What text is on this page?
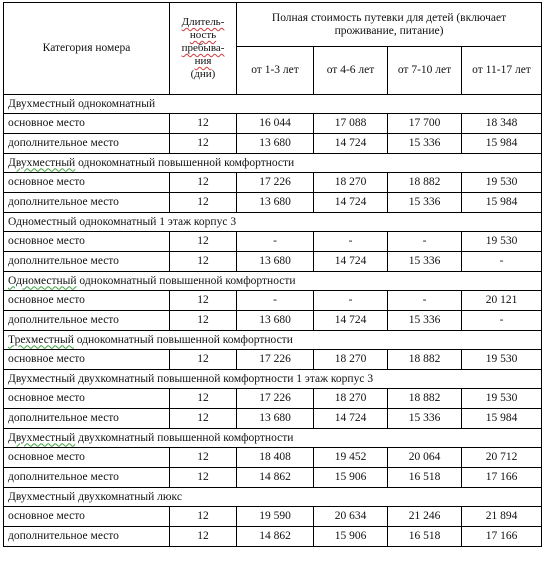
Категория номера	Длитель-
ность
пребыва-
ния
(дни)	Полная стоимость путевки для детей (включает проживание, питание)			
		от 1-3 лет	от 4-6 лет	от 7-10 лет	от 11-17 лет
Двухместный однокомнатный					
основное место	12	16 044	17 088	17 700	18 348
дополнительное место	12	13 680	14 724	15 336	15 984
Двухместный однокомнатный повышенной комфортности					
основное место	12	17 226	18 270	18 882	19 530
дополнительное место	12	13 680	14 724	15 336	15 984
Одноместный однокомнатный 1 этаж корпус 3					
основное место	12	-	-	-	19 530
дополнительное место	12	13 680	14 724	15 336	-
Одноместный однокомнатный повышенной комфортности					
основное место	12	-	-	-	20 121
дополнительное место	12	13 680	14 724	15 336	-
Трехместный однокомнатный повышенной комфортности					
основное место	12	17 226	18 270	18 882	19 530
Двухместный двухкомнатный повышенной комфортности 1 этаж корпус 3					
основное место	12	17 226	18 270	18 882	19 530
дополнительное место	12	13 680	14 724	15 336	15 984
Двухместный двухкомнатный повышенной комфортности					
основное место	12	18 408	19 452	20 064	20 712
дополнительное место	12	14 862	15 906	16 518	17 166
Двухместный двухкомнатный люкс					
основное место	12	19 590	20 634	21 246	21 894
дополнительное место	12	14 862	15 906	16 518	17 166
